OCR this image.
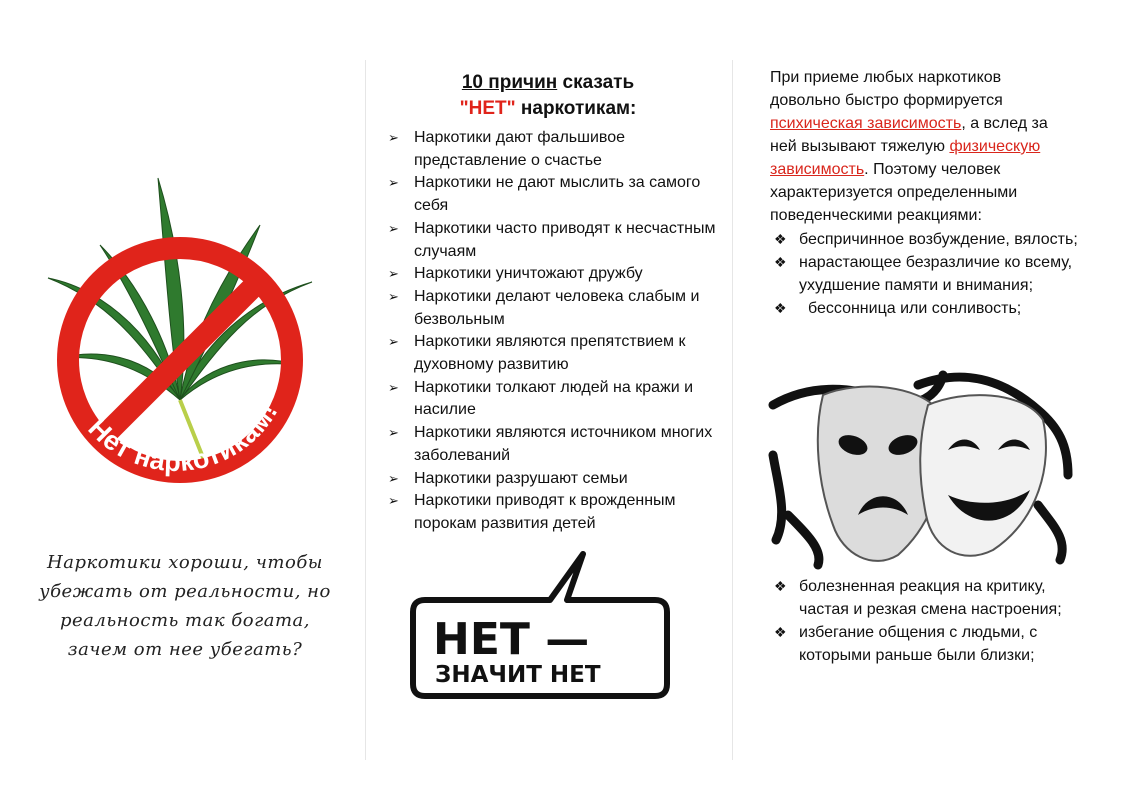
Нет наркотикам!
Наркотики хороши, чтобы
убежать от реальности, но
реальность так богата,
зачем от нее убегать?
10 причин сказать
"НЕТ" наркотикам:
➢ Наркотики дают фальшивое представление о счастье
➢ Наркотики не дают мыслить за самого себя
➢ Наркотики часто приводят к несчастным случаям
➢ Наркотики уничтожают дружбу
➢ Наркотики делают человека слабым и безвольным
➢ Наркотики являются препятствием к духовному развитию
➢ Наркотики толкают людей на кражи и насилие
➢ Наркотики являются источником многих заболеваний
➢ Наркотики разрушают семьи
➢ Наркотики приводят к врожденным порокам развития детей
НЕТ —
ЗНАЧИТ НЕТ
При приеме любых наркотиков довольно быстро формируется психическая зависимость, а вслед за ней вызывают тяжелую физическую зависимость. Поэтому человек характеризуется определенными поведенческими реакциями:
❖ беспричинное возбуждение, вялость;
❖ нарастающее безразличие ко всему, ухудшение памяти и внимания;
❖ бессонница или сонливость;
❖ болезненная реакция на критику, частая и резкая смена настроения;
❖ избегание общения с людьми, с которыми раньше были близки;
